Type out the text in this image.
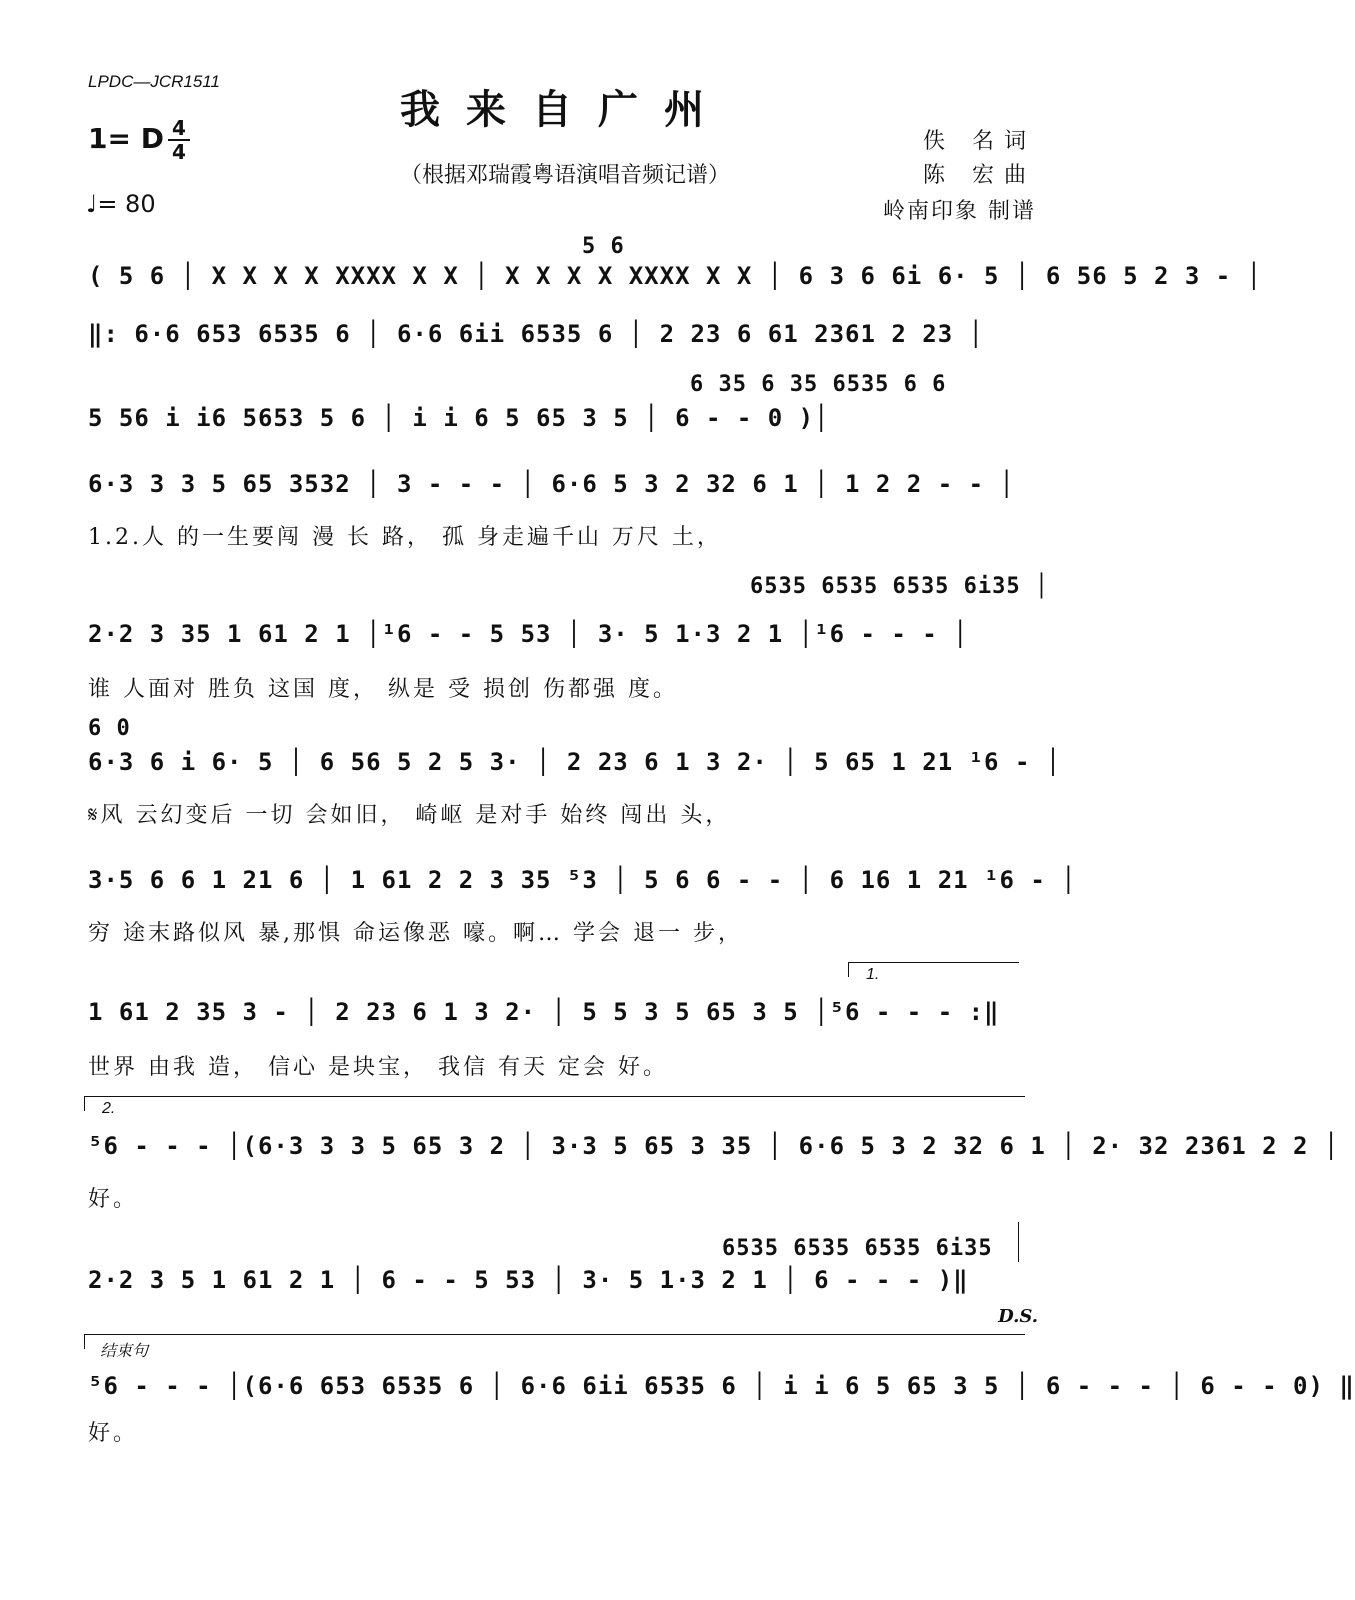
LPDC—JCR1511
我来自广州
（根据邓瑞霞粤语演唱音频记谱）
1= D 4
4
♩= 80
佚 名词
陈 宏曲
岭南印象 制谱
5 6
( 5 6 │ X X X X XXXX X X │ X X X X XXXX X X │ 6 3 6 6i 6· 5 │ 6 56 5 2 3 - │
‖: 6·6 653 6535 6 │ 6·6 6ii 6535 6 │ 2 23 6 61 2361 2 23 │
6 35 6 35 6535 6 6
5 56 i i6 5653 5 6 │ i i 6 5 65 3 5 │ 6 - - 0 )│
6·3 3 3 5 65 3532 │ 3 - - - │ 6·6 5 3 2 32 6 1 │ 1 2 2 - - │
1.2.人 的一生要闯 漫 长 路， 孤 身走遍千山 万尺 土，
6535 6535 6535 6i35 │
2·2 3 35 1 61 2 1 │¹6 - - 5 53 │ 3· 5 1·3 2 1 │¹6 - - - │
谁 人面对 胜负 这国 度， 纵是 受 损创 伤都强 度。
6 0
6·3 6 i 6· 5 │ 6 56 5 2 5 3· │ 2 23 6 1 3 2· │ 5 65 1 21 ¹6 - │
𝄋风 云幻变后 一切 会如旧， 崎岖 是对手 始终 闯出 头，
3·5 6 6 1 21 6 │ 1 61 2 2 3 35 ⁵3 │ 5 6 6 - - │ 6 16 1 21 ¹6 - │
穷 途末路似风 暴,那惧 命运像恶 嚎。啊… 学会 退一 步，
1.
1 61 2 35 3 - │ 2 23 6 1 3 2· │ 5 5 3 5 65 3 5 │⁵6 - - - :‖
世界 由我 造， 信心 是块宝， 我信 有天 定会 好。
2.
⁵6 - - - │(6·3 3 3 5 65 3 2 │ 3·3 5 65 3 35 │ 6·6 5 3 2 32 6 1 │ 2· 32 2361 2 2 │
好。
6535 6535 6535 6i35
2·2 3 5 1 61 2 1 │ 6 - - 5 53 │ 3· 5 1·3 2 1 │ 6 - - - )‖
D.S.
结束句
⁵6 - - - │(6·6 653 6535 6 │ 6·6 6ii 6535 6 │ i i 6 5 65 3 5 │ 6 - - - │ 6 - - 0) ‖
好。
